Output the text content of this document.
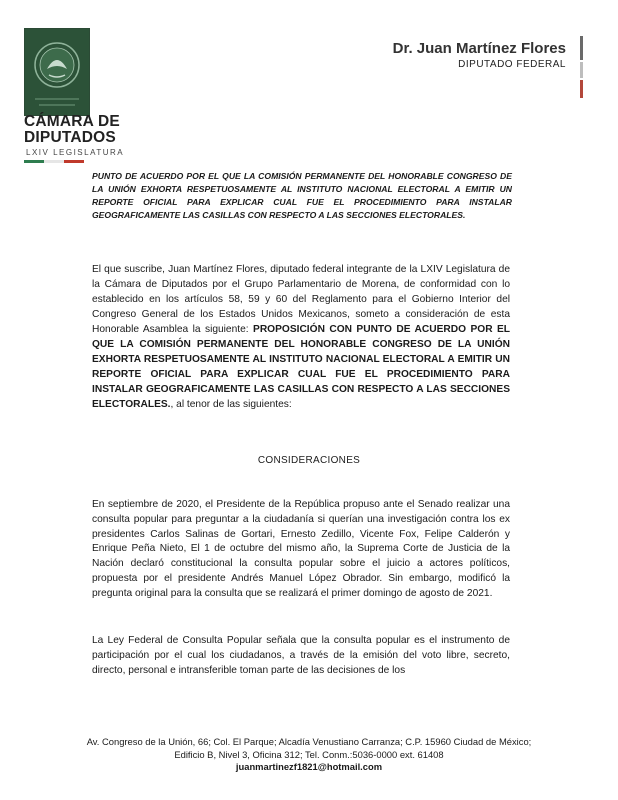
CÁMARA DE
DIPUTADOS
LXIV LEGISLATURA
Dr. Juan Martínez Flores
DIPUTADO FEDERAL
PUNTO DE ACUERDO POR EL QUE LA COMISIÓN PERMANENTE DEL HONORABLE CONGRESO DE LA UNIÓN EXHORTA RESPETUOSAMENTE AL INSTITUTO NACIONAL ELECTORAL A EMITIR UN REPORTE OFICIAL PARA EXPLICAR CUAL FUE EL PROCEDIMIENTO PARA INSTALAR GEOGRAFICAMENTE LAS CASILLAS CON RESPECTO A LAS SECCIONES ELECTORALES.
El que suscribe, Juan Martínez Flores, diputado federal integrante de la LXIV Legislatura de la Cámara de Diputados por el Grupo Parlamentario de Morena, de conformidad con lo establecido en los artículos 58, 59 y 60 del Reglamento para el Gobierno Interior del Congreso General de los Estados Unidos Mexicanos, someto a consideración de esta Honorable Asamblea la siguiente: PROPOSICIÓN CON PUNTO DE ACUERDO POR EL QUE LA COMISIÓN PERMANENTE DEL HONORABLE CONGRESO DE LA UNIÓN EXHORTA RESPETUOSAMENTE AL INSTITUTO NACIONAL ELECTORAL A EMITIR UN REPORTE OFICIAL PARA EXPLICAR CUAL FUE EL PROCEDIMIENTO PARA INSTALAR GEOGRAFICAMENTE LAS CASILLAS CON RESPECTO A LAS SECCIONES ELECTORALES., al tenor de las siguientes:
CONSIDERACIONES
En septiembre de 2020, el Presidente de la República propuso ante el Senado realizar una consulta popular para preguntar a la ciudadanía si querían una investigación contra los ex presidentes Carlos Salinas de Gortari, Ernesto Zedillo, Vicente Fox, Felipe Calderón y Enrique Peña Nieto, El 1 de octubre del mismo año, la Suprema Corte de Justicia de la Nación declaró constitucional la consulta popular sobre el juicio a actores políticos, propuesta por el presidente Andrés Manuel López Obrador. Sin embargo, modificó la pregunta original para la consulta que se realizará el primer domingo de agosto de 2021.
La Ley Federal de Consulta Popular señala que la consulta popular es el instrumento de participación por el cual los ciudadanos, a través de la emisión del voto libre, secreto, directo, personal e intransferible toman parte de las decisiones de los
Av. Congreso de la Unión, 66; Col. El Parque; Alcadía Venustiano Carranza; C.P. 15960 Ciudad de México;
Edificio B, Nivel 3, Oficina 312; Tel. Conm.:5036-0000 ext. 61408
juanmartinezf1821@hotmail.com
